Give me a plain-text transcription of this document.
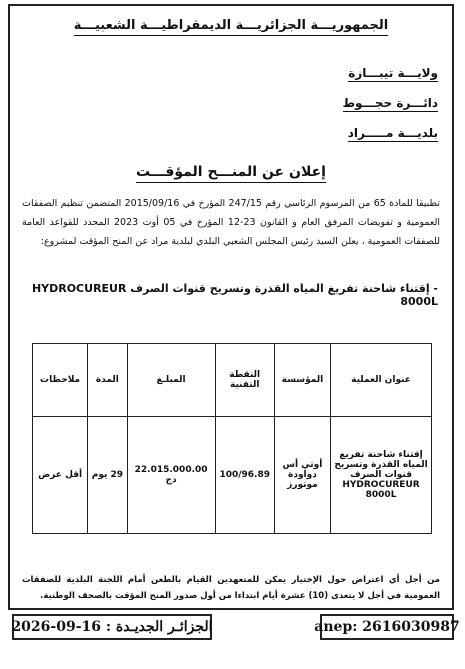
الجمهوريـــة الجزائريـــة الديمقراطيـــة الشعبيـــة
ولايـــة تيبـــازة
دائـــرة حجـــوط
بلديـــة مـــــراد
إعلان عن المنـــح المؤقـــت
تطبيقا للمادة 65 من المرسوم الرئاسي رقم 247/15 المؤرخ في 2015/09/16 المتضمن تنظيم الصفقات العمومية و تفويضات المرفق العام و القانون 23-12 المؤرخ في 05 أوت 2023 المحدد للقواعد العامة للصفقات العمومية ، يعلن السيد رئيس المجلس الشعبي البلدي لبلدية مراد عن المنح المؤقت لمشروع:
- إقتناء شاحنة تفريغ المياه القذرة وتسريح قنوات الصرف HYDROCUREUR 8000L
عنوان العملية	المؤسسة	النقطة التقنية	المبلـغ	المدة	ملاحظات
إقتناء شاحنة تفريغ المياه القذرة وتسريح قنوات الصرف HYDROCUREUR 8000L	أوتي أس دواودة موتورز	100/96.89	22.015.000.00 دج	29 يوم	أقل عرض
من أجل أي اعتراض حول الإختيار يمكن للمتعهدين القيام بالطعن أمام اللجنة البلدية للصفقات العمومية في أجل لا يتعدى (10) عشرة أيام ابتداءا من أول صدور المنح المؤقت بالصحف الوطنية.
الجزائـر الجديـدة : 16-09-2026	anep: 2616030987
